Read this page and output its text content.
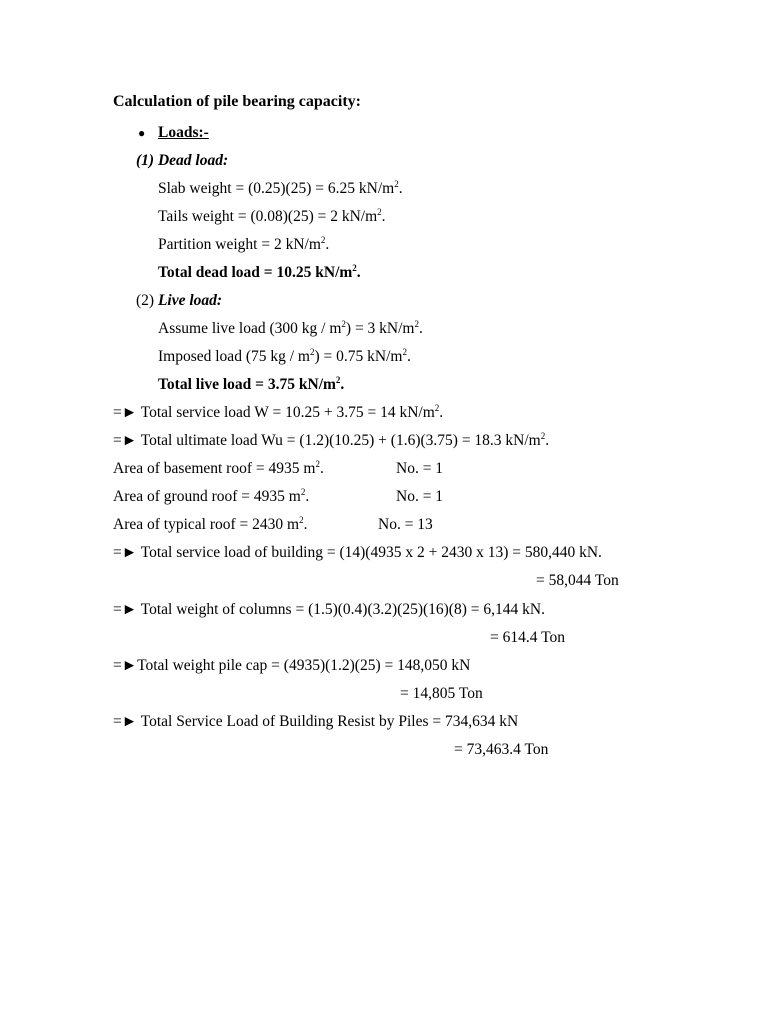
Calculation of pile bearing capacity:
● Loads:-
(1) Dead load:
Slab weight = (0.25)(25) = 6.25 $kN/m^2$.
Tails weight = (0.08)(25) = 2 $kN/m^2$.
Partition weight = 2 $kN/m^2$.
Total dead load = 10.25 $kN/m^2$.
(2) Live load:
Assume live load (300 kg / $m^2) = 3$ $kN/m^2$.
Imposed load (75 kg / $m^2) = 0.75$ $kN/m^2$.
Total live load = 3.75 $kN/m^2$.
=► Total service load W = 10.25 + 3.75 = 14 $kN/m^2$.
=► Total ultimate load Wu = (1.2)(10.25) + (1.6)(3.75) = 18.3 $kN/m^2$.
Area of basement roof = 4935 $m^2$.	No. = 1
Area of ground roof = 4935 $m^2$.	No. = 1
Area of typical roof = 2430 $m^2$.	No. = 13
=► Total service load of building = (14)(4935 x 2 + 2430 x 13) = 580,440 kN.
= 58,044 Ton
=► Total weight of columns = (1.5)(0.4)(3.2)(25)(16)(8) = 6,144 kN.
= 614.4 Ton
=►Total weight pile cap = (4935)(1.2)(25) = 148,050 kN
= 14,805 Ton
=► Total Service Load of Building Resist by Piles = 734,634 kN
= 73,463.4 Ton
